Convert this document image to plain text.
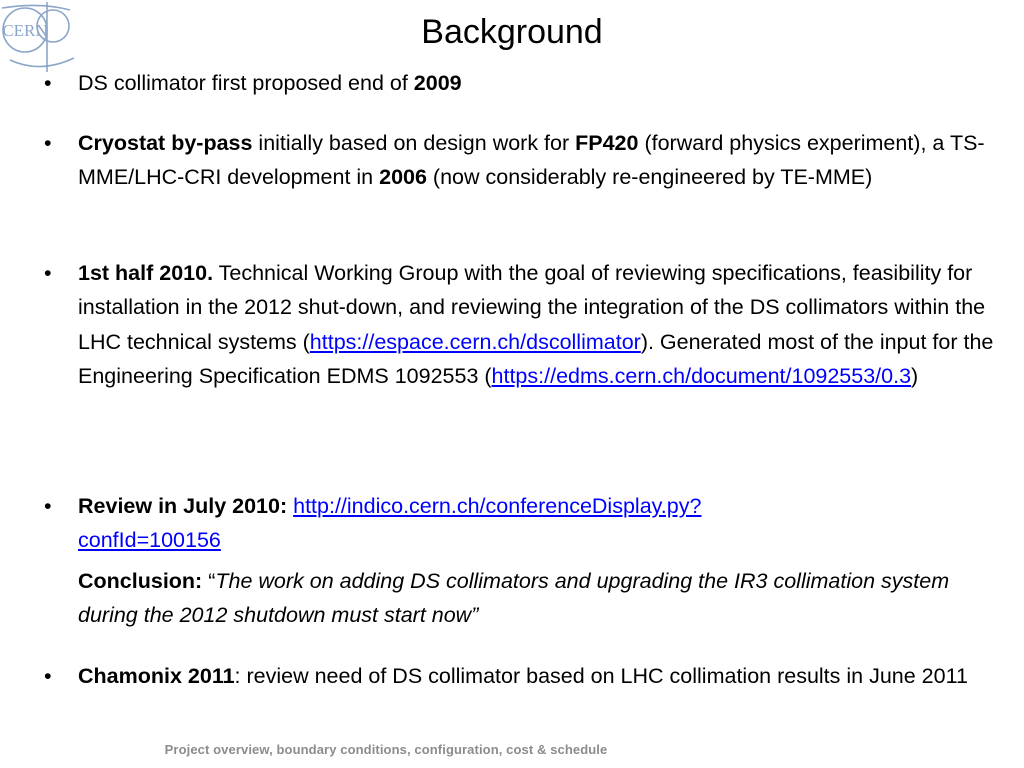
CERN	Background
• DS collimator first proposed end of 2009
• Cryostat by-pass initially based on design work for FP420 (forward physics experiment), a TS-MME/LHC-CRI development in 2006 (now considerably re-engineered by TE-MME)
• 1st half 2010. Technical Working Group with the goal of reviewing specifications, feasibility for installation in the 2012 shut-down, and reviewing the integration of the DS collimators within the LHC technical systems (https://espace.cern.ch/dscollimator). Generated most of the input for the Engineering Specification EDMS 1092553 (https://edms.cern.ch/document/1092553/0.3)
• Review in July 2010: http://indico.cern.ch/conferenceDisplay.py?confId=100156
Conclusion: “The work on adding DS collimators and upgrading the IR3 collimation system during the 2012 shutdown must start now”
• Chamonix 2011: review need of DS collimator based on LHC collimation results in June 2011
Project overview, boundary conditions, configuration, cost & schedule
